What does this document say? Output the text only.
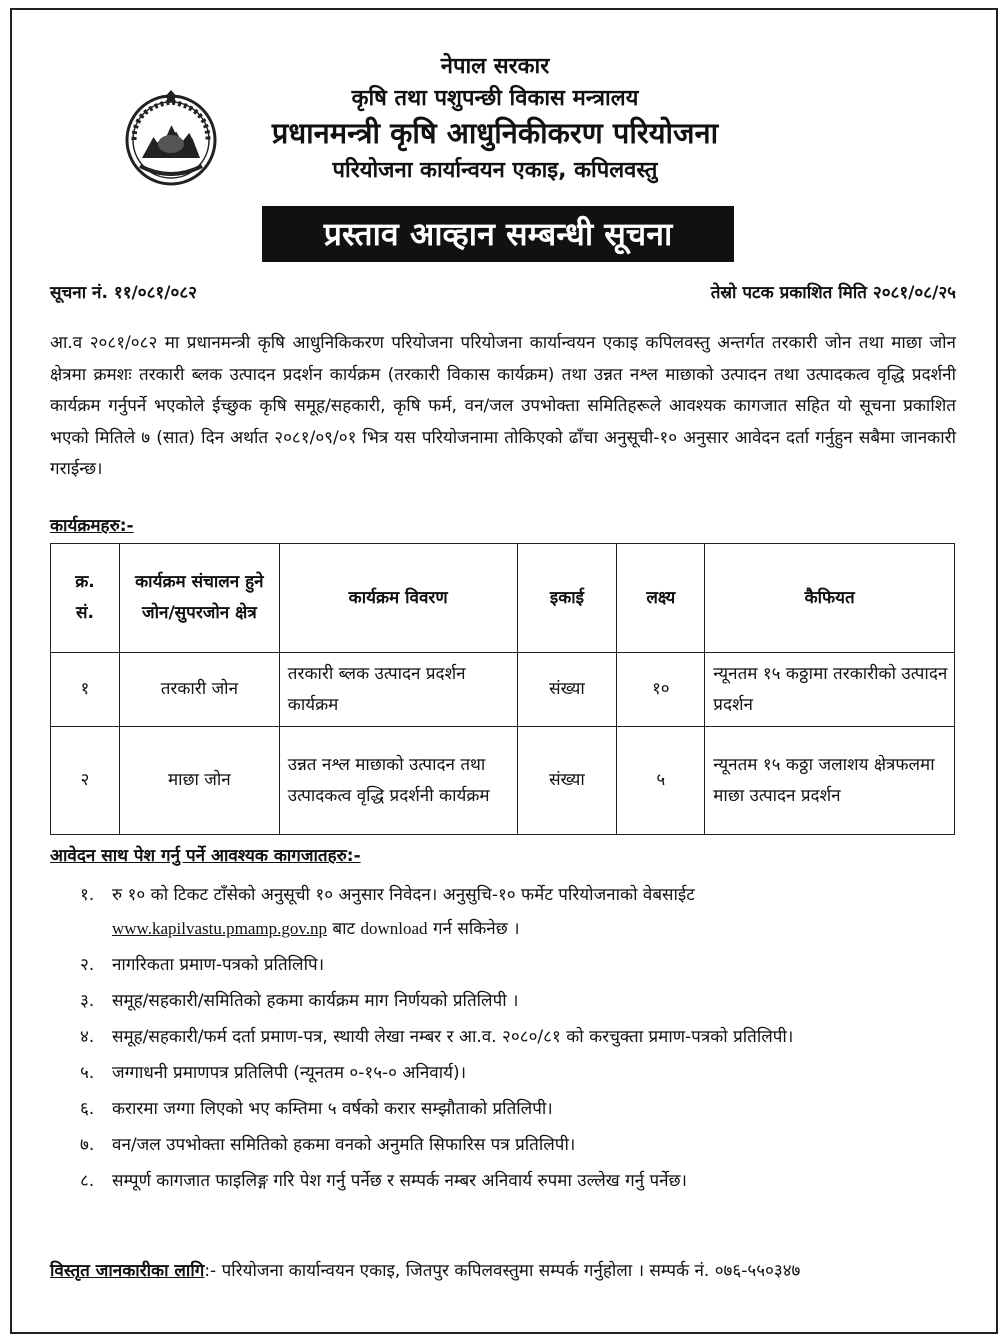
नेपाल सरकार
कृषि तथा पशुपन्छी विकास मन्त्रालय
प्रधानमन्त्री कृषि आधुनिकीकरण परियोजना
परियोजना कार्यान्वयन एकाइ, कपिलवस्तु
प्रस्ताव आव्हान सम्बन्धी सूचना
सूचना नं. ११/०८१/०८२	तेस्रो पटक प्रकाशित मिति २०८१/०८/२५

आ.व २०८१/०८२ मा प्रधानमन्त्री कृषि आधुनिकिकरण परियोजना परियोजना कार्यान्वयन एकाइ कपिलवस्तु अन्तर्गत तरकारी जोन तथा माछा जोन क्षेत्रमा क्रमशः तरकारी ब्लक उत्पादन प्रदर्शन कार्यक्रम (तरकारी विकास कार्यक्रम) तथा उन्नत नश्ल माछाको उत्पादन तथा उत्पादकत्व वृद्धि प्रदर्शनी कार्यक्रम गर्नुपर्ने भएकोले ईच्छुक कृषि समूह/सहकारी, कृषि फर्म, वन/जल उपभोक्ता समितिहरूले आवश्यक कागजात सहित यो सूचना प्रकाशित भएको मितिले ७ (सात) दिन अर्थात २०८१/०९/०१ भित्र यस परियोजनामा तोकिएको ढाँचा अनुसूची-१० अनुसार आवेदन दर्ता गर्नुहुन सबैमा जानकारी गराईन्छ।

कार्यक्रमहरु:-
क्र. सं.	कार्यक्रम संचालन हुने जोन/सुपरजोन क्षेत्र	कार्यक्रम विवरण	इकाई	लक्ष्य	कैफियत
१	तरकारी जोन	तरकारी ब्लक उत्पादन प्रदर्शन कार्यक्रम	संख्या	१०	न्यूनतम १५ कठ्ठामा तरकारीको उत्पादन प्रदर्शन
२	माछा जोन	उन्नत नश्ल माछाको उत्पादन तथा उत्पादकत्व वृद्धि प्रदर्शनी कार्यक्रम	संख्या	५	न्यूनतम १५ कठ्ठा जलाशय क्षेत्रफलमा माछा उत्पादन प्रदर्शन
आवेदन साथ पेश गर्नु पर्ने आवश्यक कागजातहरु:-
१. रु १० को टिकट टाँसेको अनुसूची १० अनुसार निवेदन। अनुसुचि-१० फर्मेट परियोजनाको वेबसाईट
www.kapilvastu.pmamp.gov.np बाट download गर्न सकिनेछ ।
२. नागरिकता प्रमाण-पत्रको प्रतिलिपि।
३. समूह/सहकारी/समितिको हकमा कार्यक्रम माग निर्णयको प्रतिलिपी ।
४. समूह/सहकारी/फर्म दर्ता प्रमाण-पत्र, स्थायी लेखा नम्बर र आ.व. २०८०/८१ को करचुक्ता प्रमाण-पत्रको प्रतिलिपी।
५. जग्गाधनी प्रमाणपत्र प्रतिलिपी (न्यूनतम ०-१५-० अनिवार्य)।
६. करारमा जग्गा लिएको भए कम्तिमा ५ वर्षको करार सम्झौताको प्रतिलिपी।
७. वन/जल उपभोक्ता समितिको हकमा वनको अनुमति सिफारिस पत्र प्रतिलिपी।
८. सम्पूर्ण कागजात फाइलिङ्ग गरि पेश गर्नु पर्नेछ र सम्पर्क नम्बर अनिवार्य रुपमा उल्लेख गर्नु पर्नेछ।
विस्तृत जानकारीका लागि:- परियोजना कार्यान्वयन एकाइ, जितपुर कपिलवस्तुमा सम्पर्क गर्नुहोला । सम्पर्क नं. ०७६-५५०३४७
